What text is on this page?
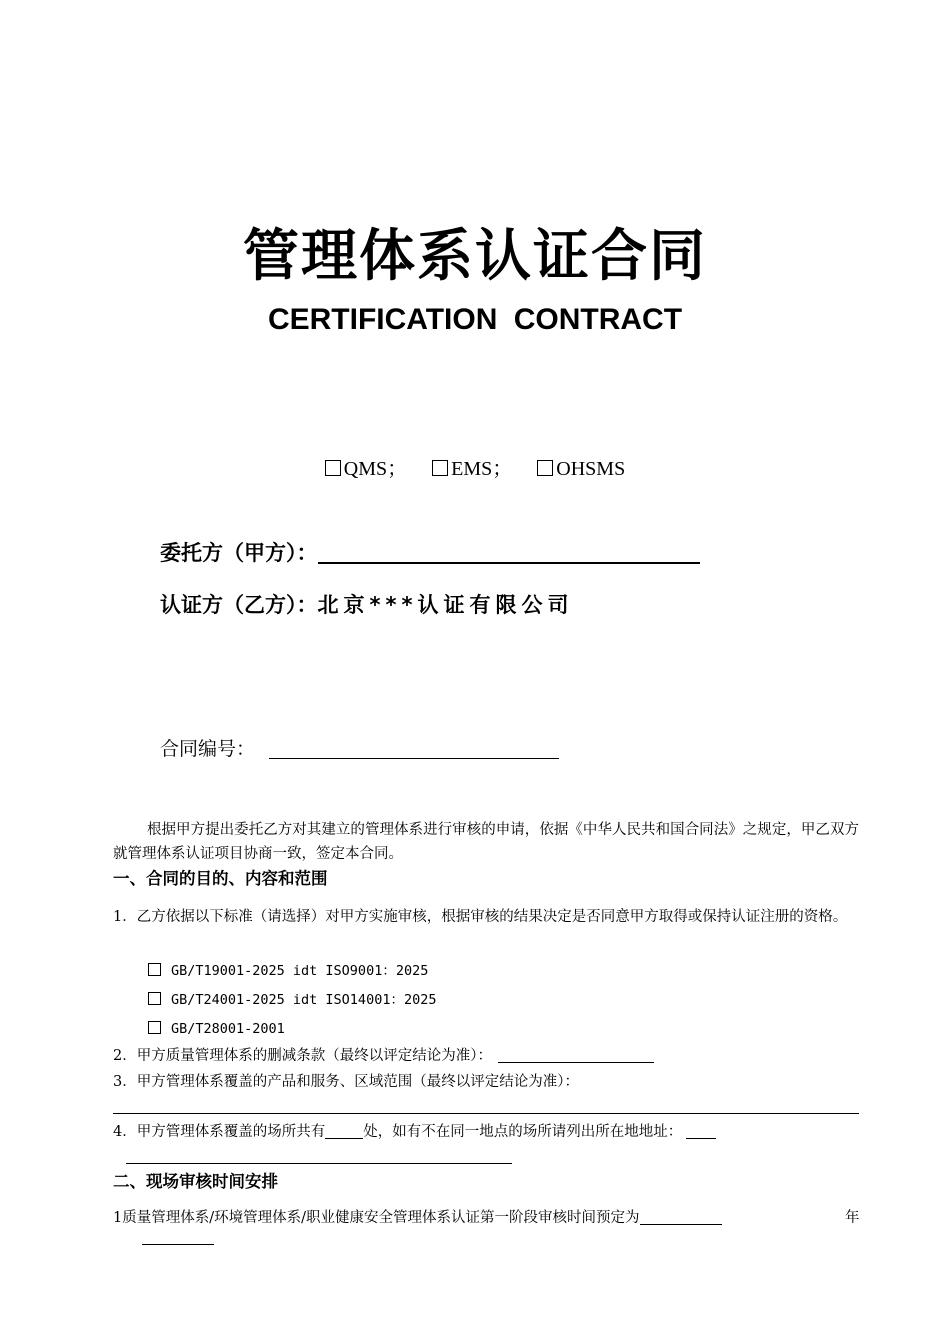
管理体系认证合同
CERTIFICATION CONTRACT
QMS； EMS； OHSMS
委托方（甲方）：
认证方（乙方）：北京***认证有限公司
合同编号：
根据甲方提出委托乙方对其建立的管理体系进行审核的申请，依据《中华人民共和国合同法》之规定，甲乙双方就管理体系认证项目协商一致，签定本合同。
一、合同的目的、内容和范围
1．乙方依据以下标准（请选择）对甲方实施审核，根据审核的结果决定是否同意甲方取得或保持认证注册的资格。
GB/T19001-2025 idt ISO9001：2025
GB/T24001-2025 idt ISO14001：2025
GB/T28001-2001
2．甲方质量管理体系的删减条款（最终以评定结论为准）：
3．甲方管理体系覆盖的产品和服务、区域范围（最终以评定结论为准）：
4．甲方管理体系覆盖的场所共有	处，如有不在同一地点的场所请列出所在地地址：
二、现场审核时间安排
1质量管理体系/环境管理体系/职业健康安全管理体系认证第一阶段审核时间预定为	年
